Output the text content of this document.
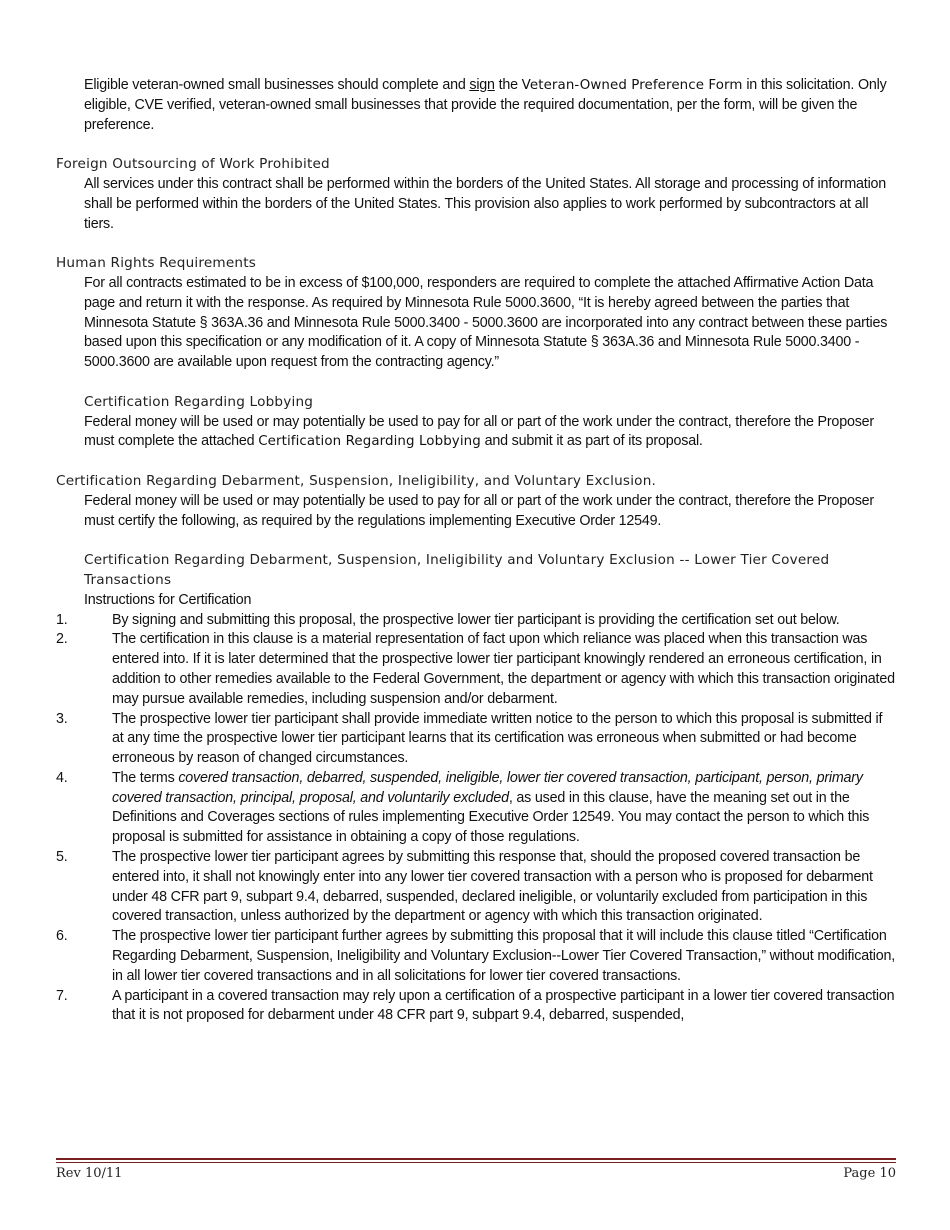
Eligible veteran-owned small businesses should complete and sign the Veteran-Owned Preference Form in this solicitation. Only eligible, CVE verified, veteran-owned small businesses that provide the required documentation, per the form, will be given the preference.

Foreign Outsourcing of Work Prohibited

All services under this contract shall be performed within the borders of the United States. All storage and processing of information shall be performed within the borders of the United States. This provision also applies to work performed by subcontractors at all tiers.

Human Rights Requirements

For all contracts estimated to be in excess of $100,000, responders are required to complete the attached Affirmative Action Data page and return it with the response. As required by Minnesota Rule 5000.3600, “It is hereby agreed between the parties that Minnesota Statute § 363A.36 and Minnesota Rule 5000.3400 - 5000.3600 are incorporated into any contract between these parties based upon this specification or any modification of it. A copy of Minnesota Statute § 363A.36 and Minnesota Rule 5000.3400 - 5000.3600 are available upon request from the contracting agency.”

Certification Regarding Lobbying

Federal money will be used or may potentially be used to pay for all or part of the work under the contract, therefore the Proposer must complete the attached Certification Regarding Lobbying and submit it as part of its proposal.

Certification Regarding Debarment, Suspension, Ineligibility, and Voluntary Exclusion.

Federal money will be used or may potentially be used to pay for all or part of the work under the contract, therefore the Proposer must certify the following, as required by the regulations implementing Executive Order 12549.

Certification Regarding Debarment, Suspension, Ineligibility and Voluntary Exclusion -- Lower Tier Covered Transactions

Instructions for Certification

1.	By signing and submitting this proposal, the prospective lower tier participant is providing the certification set out below.
2.	The certification in this clause is a material representation of fact upon which reliance was placed when this transaction was entered into. If it is later determined that the prospective lower tier participant knowingly rendered an erroneous certification, in addition to other remedies available to the Federal Government, the department or agency with which this transaction originated may pursue available remedies, including suspension and/or debarment.
3.	The prospective lower tier participant shall provide immediate written notice to the person to which this proposal is submitted if at any time the prospective lower tier participant learns that its certification was erroneous when submitted or had become erroneous by reason of changed circumstances.
4.	The terms covered transaction, debarred, suspended, ineligible, lower tier covered transaction, participant, person, primary covered transaction, principal, proposal, and voluntarily excluded, as used in this clause, have the meaning set out in the Definitions and Coverages sections of rules implementing Executive Order 12549. You may contact the person to which this proposal is submitted for assistance in obtaining a copy of those regulations.
5.	The prospective lower tier participant agrees by submitting this response that, should the proposed covered transaction be entered into, it shall not knowingly enter into any lower tier covered transaction with a person who is proposed for debarment under 48 CFR part 9, subpart 9.4, debarred, suspended, declared ineligible, or voluntarily excluded from participation in this covered transaction, unless authorized by the department or agency with which this transaction originated.
6.	The prospective lower tier participant further agrees by submitting this proposal that it will include this clause titled “Certification Regarding Debarment, Suspension, Ineligibility and Voluntary Exclusion--Lower Tier Covered Transaction,” without modification, in all lower tier covered transactions and in all solicitations for lower tier covered transactions.
7.	A participant in a covered transaction may rely upon a certification of a prospective participant in a lower tier covered transaction that it is not proposed for debarment under 48 CFR part 9, subpart 9.4, debarred, suspended,
Rev 10/11	Page 10
